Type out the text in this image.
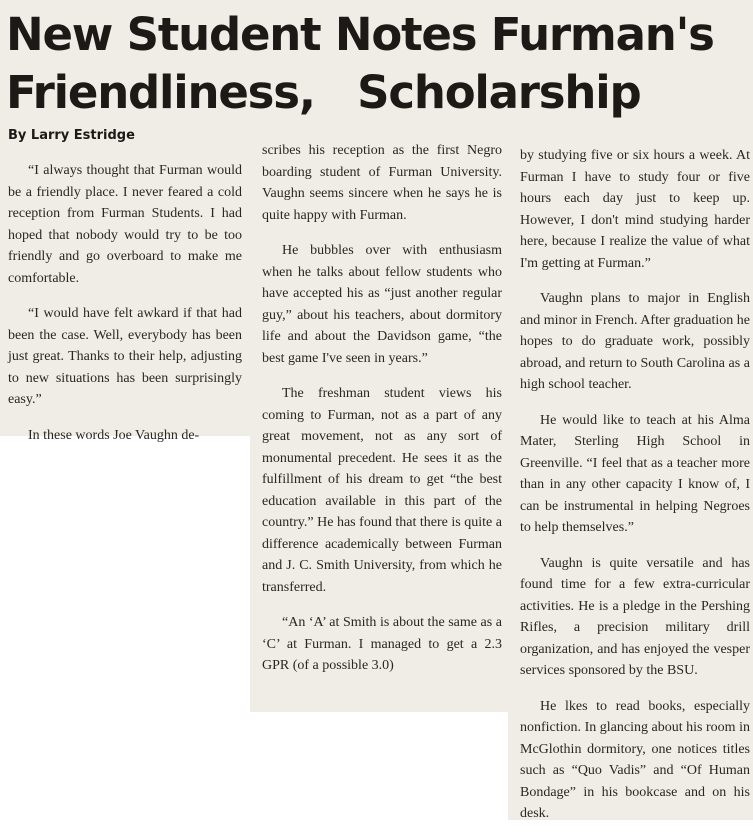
New Student Notes Furman's
Friendliness, Scholarship
By Larry Estridge

“I always thought that Furman would be a friendly place. I never feared a cold reception from Furman Students. I had hoped that nobody would try to be too friendly and go overboard to make me comfortable.

“I would have felt awkard if that had been the case. Well, everybody has been just great. Thanks to their help, adjusting to new situations has been surprisingly easy.”

In these words Joe Vaughn de-

scribes his reception as the first Negro boarding student of Furman University. Vaughn seems sincere when he says he is quite happy with Furman.

He bubbles over with enthusiasm when he talks about fellow students who have accepted his as “just another regular guy,” about his teachers, about dormitory life and about the Davidson game, “the best game I've seen in years.”

The freshman student views his coming to Furman, not as a part of any great movement, not as any sort of monumental precedent. He sees it as the fulfillment of his dream to get “the best education available in this part of the country.” He has found that there is quite a difference academically between Furman and J. C. Smith University, from which he transferred.

“An ‘A’ at Smith is about the same as a ‘C’ at Furman. I managed to get a 2.3 GPR (of a possible 3.0)

by studying five or six hours a week. At Furman I have to study four or five hours each day just to keep up. However, I don't mind studying harder here, because I realize the value of what I'm getting at Furman.”

Vaughn plans to major in English and minor in French. After graduation he hopes to do graduate work, possibly abroad, and return to South Carolina as a high school teacher.

He would like to teach at his Alma Mater, Sterling High School in Greenville. “I feel that as a teacher more than in any other capacity I know of, I can be instrumental in helping Negroes to help themselves.”

Vaughn is quite versatile and has found time for a few extra-curricular activities. He is a pledge in the Pershing Rifles, a precision military drill organization, and has enjoyed the vesper services sponsored by the BSU.

He lkes to read books, especially nonfiction. In glancing about his room in McGlothin dormitory, one notices titles such as “Quo Vadis” and “Of Human Bondage” in his bookcase and on his desk.
